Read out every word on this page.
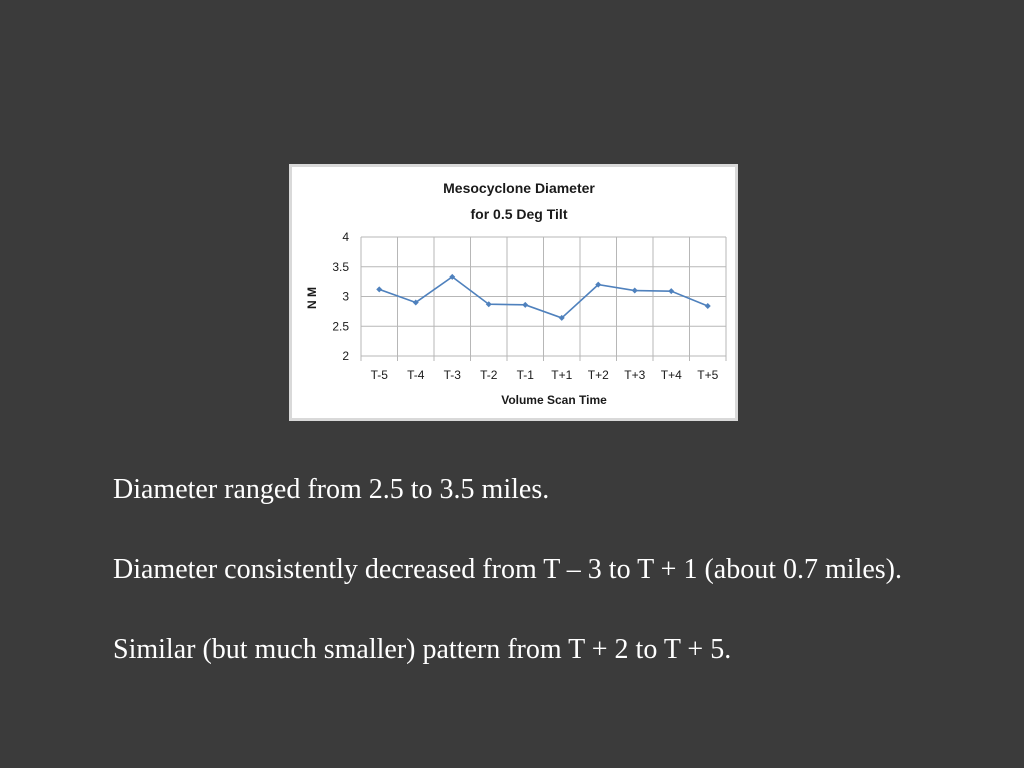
Mesocyclone Diameter
for 0.5 Deg Tilt
N M
Volume Scan Time
2
2.5
3
3.5
4
T-5 T-4 T-3 T-2 T-1 T+1 T+2 T+3 T+4 T+5

Diameter ranged from 2.5 to 3.5 miles.

Diameter consistently decreased from T – 3 to T + 1 (about 0.7 miles).

Similar (but much smaller) pattern from T + 2 to T + 5.
